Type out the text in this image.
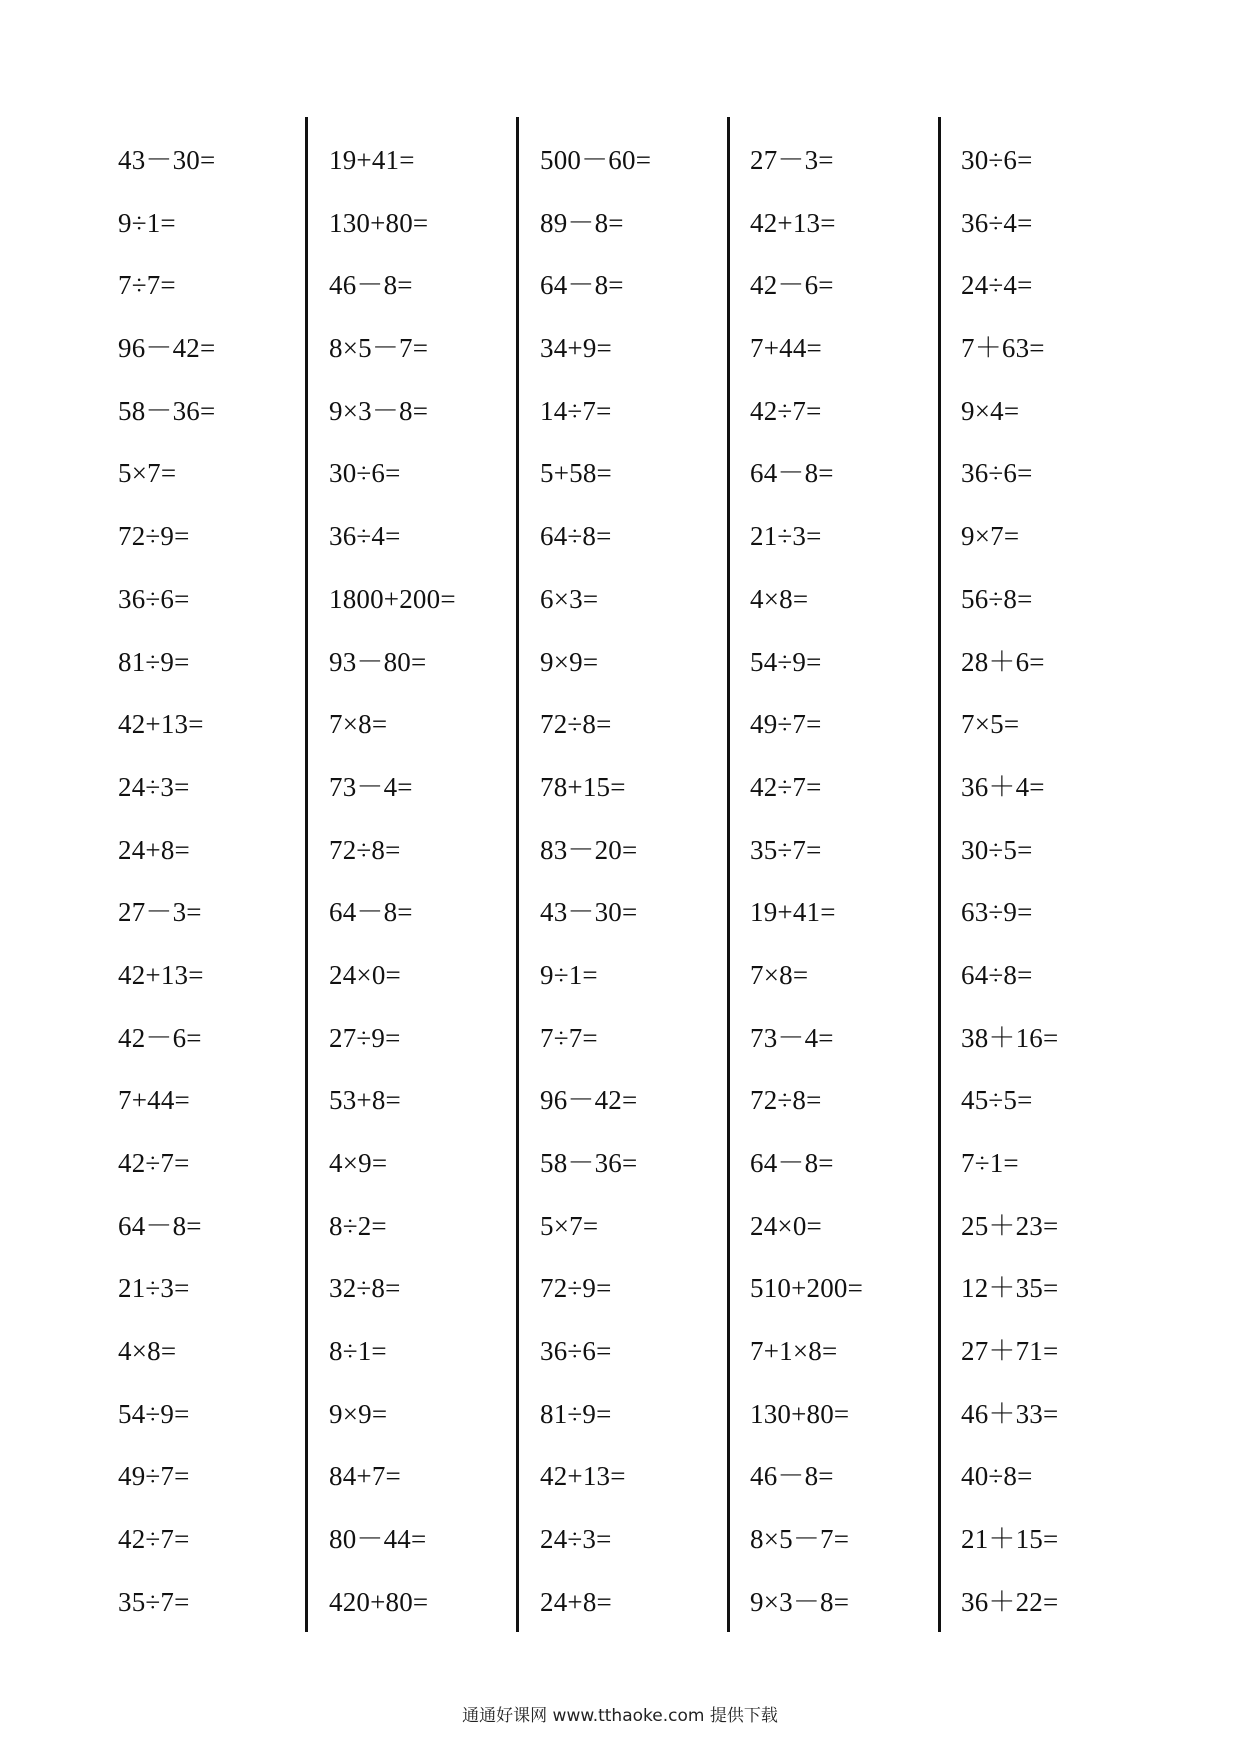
43－30=
9÷1=
7÷7=
96－42=
58－36=
5×7=
72÷9=
36÷6=
81÷9=
42+13=
24÷3=
24+8=
27－3=
42+13=
42－6=
7+44=
42÷7=
64－8=
21÷3=
4×8=
54÷9=
49÷7=
42÷7=
35÷7=
19+41=
130+80=
46－8=
8×5－7=
9×3－8=
30÷6=
36÷4=
1800+200=
93－80=
7×8=
73－4=
72÷8=
64－8=
24×0=
27÷9=
53+8=
4×9=
8÷2=
32÷8=
8÷1=
9×9=
84+7=
80－44=
420+80=
500－60=
89－8=
64－8=
34+9=
14÷7=
5+58=
64÷8=
6×3=
9×9=
72÷8=
78+15=
83－20=
43－30=
9÷1=
7÷7=
96－42=
58－36=
5×7=
72÷9=
36÷6=
81÷9=
42+13=
24÷3=
24+8=
27－3=
42+13=
42－6=
7+44=
42÷7=
64－8=
21÷3=
4×8=
54÷9=
49÷7=
42÷7=
35÷7=
19+41=
7×8=
73－4=
72÷8=
64－8=
24×0=
510+200=
7+1×8=
130+80=
46－8=
8×5－7=
9×3－8=
30÷6=
36÷4=
24÷4=
7＋63=
9×4=
36÷6=
9×7=
56÷8=
28＋6=
7×5=
36＋4=
30÷5=
63÷9=
64÷8=
38＋16=
45÷5=
7÷1=
25＋23=
12＋35=
27＋71=
46＋33=
40÷8=
21＋15=
36＋22=
通通好课网 www.tthaoke.com 提供下载
